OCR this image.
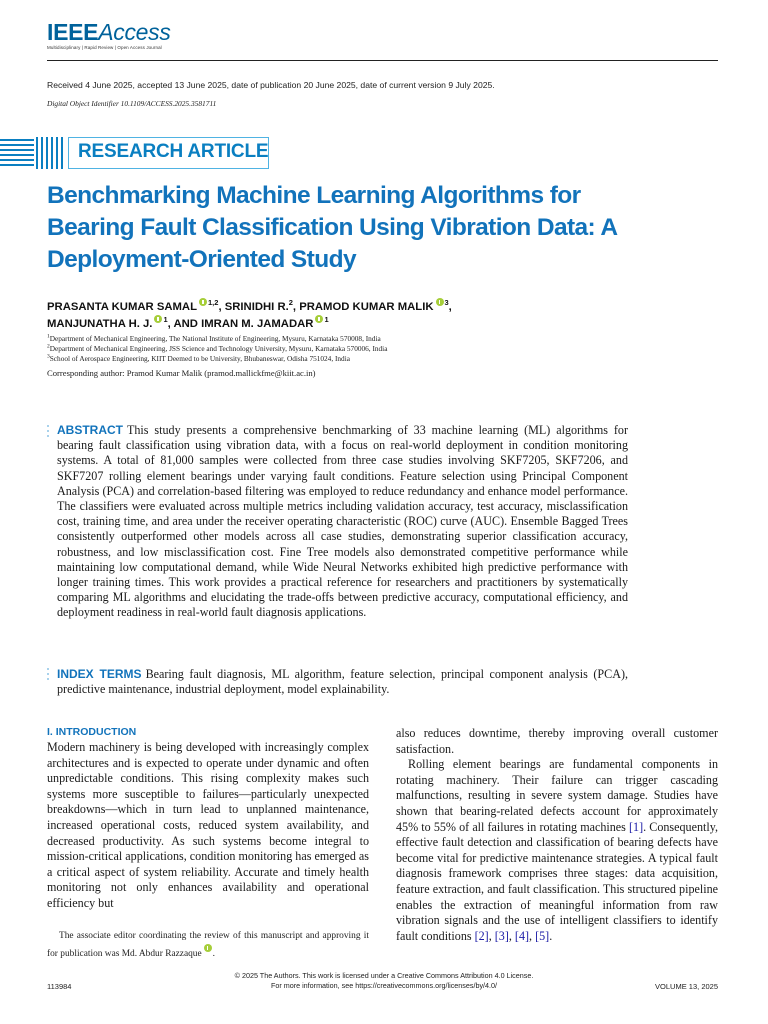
IEEEAccess
Multidisciplinary | Rapid Review | Open Access Journal
Received 4 June 2025, accepted 13 June 2025, date of publication 20 June 2025, date of current version 9 July 2025.
Digital Object Identifier 10.1109/ACCESS.2025.3581711
RESEARCH ARTICLE
Benchmarking Machine Learning Algorithms for Bearing Fault Classification Using Vibration Data: A Deployment-Oriented Study
PRASANTA KUMAR SAMAL $^{1,2}$, SRINIDHI R.$^2$, PRAMOD KUMAR MALIK $^3$,
MANJUNATHA H. J. $^1$, AND IMRAN M. JAMADAR $^1$
$^1$Department of Mechanical Engineering, The National Institute of Engineering, Mysuru, Karnataka 570008, India
$^2$Department of Mechanical Engineering, JSS Science and Technology University, Mysuru, Karnataka 570006, India
$^3$School of Aerospace Engineering, KIIT Deemed to be University, Bhubaneswar, Odisha 751024, India
Corresponding author: Pramod Kumar Malik (pramod.mallickfme@kiit.ac.in)

ABSTRACT This study presents a comprehensive benchmarking of 33 machine learning (ML) algorithms for bearing fault classification using vibration data, with a focus on real-world deployment in condition monitoring systems. A total of 81,000 samples were collected from three case studies involving SKF7205, SKF7206, and SKF7207 rolling element bearings under varying fault conditions. Feature selection using Principal Component Analysis (PCA) and correlation-based filtering was employed to reduce redundancy and enhance model performance. The classifiers were evaluated across multiple metrics including validation accuracy, test accuracy, misclassification cost, training time, and area under the receiver operating characteristic (ROC) curve (AUC). Ensemble Bagged Trees consistently outperformed other models across all case studies, demonstrating superior classification accuracy, robustness, and low misclassification cost. Fine Tree models also demonstrated competitive performance while maintaining low computational demand, while Wide Neural Networks exhibited high predictive performance with longer training times. This work provides a practical reference for researchers and practitioners by systematically comparing ML algorithms and elucidating the trade-offs between predictive accuracy, computational efficiency, and deployment readiness in real-world fault diagnosis applications.

INDEX TERMS Bearing fault diagnosis, ML algorithm, feature selection, principal component analysis (PCA), predictive maintenance, industrial deployment, model explainability.

I. INTRODUCTION

Modern machinery is being developed with increasingly complex architectures and is expected to operate under dynamic and often unpredictable conditions. This rising complexity makes such systems more susceptible to failures—particularly unexpected breakdowns—which in turn lead to unplanned maintenance, increased operational costs, reduced system availability, and decreased productivity. As such systems become integral to mission-critical applications, condition monitoring has emerged as a critical aspect of system reliability. Accurate and timely health monitoring not only enhances availability and operational efficiency but

also reduces downtime, thereby improving overall customer satisfaction.

Rolling element bearings are fundamental components in rotating machinery. Their failure can trigger cascading malfunctions, resulting in severe system damage. Studies have shown that bearing-related defects account for approximately 45% to 55% of all failures in rotating machines [1]. Consequently, effective fault detection and classification of bearing defects have become vital for predictive maintenance strategies. A typical fault diagnosis framework comprises three stages: data acquisition, feature extraction, and fault classification. This structured pipeline enables the extraction of meaningful information from raw vibration signals and the use of intelligent classifiers to identify fault conditions [2], [3], [4], [5].

The associate editor coordinating the review of this manuscript and approving it for publication was Md. Abdur Razzaque .

© 2025 The Authors. This work is licensed under a Creative Commons Attribution 4.0 License.
For more information, see https://creativecommons.org/licenses/by/4.0/
113984	VOLUME 13, 2025
